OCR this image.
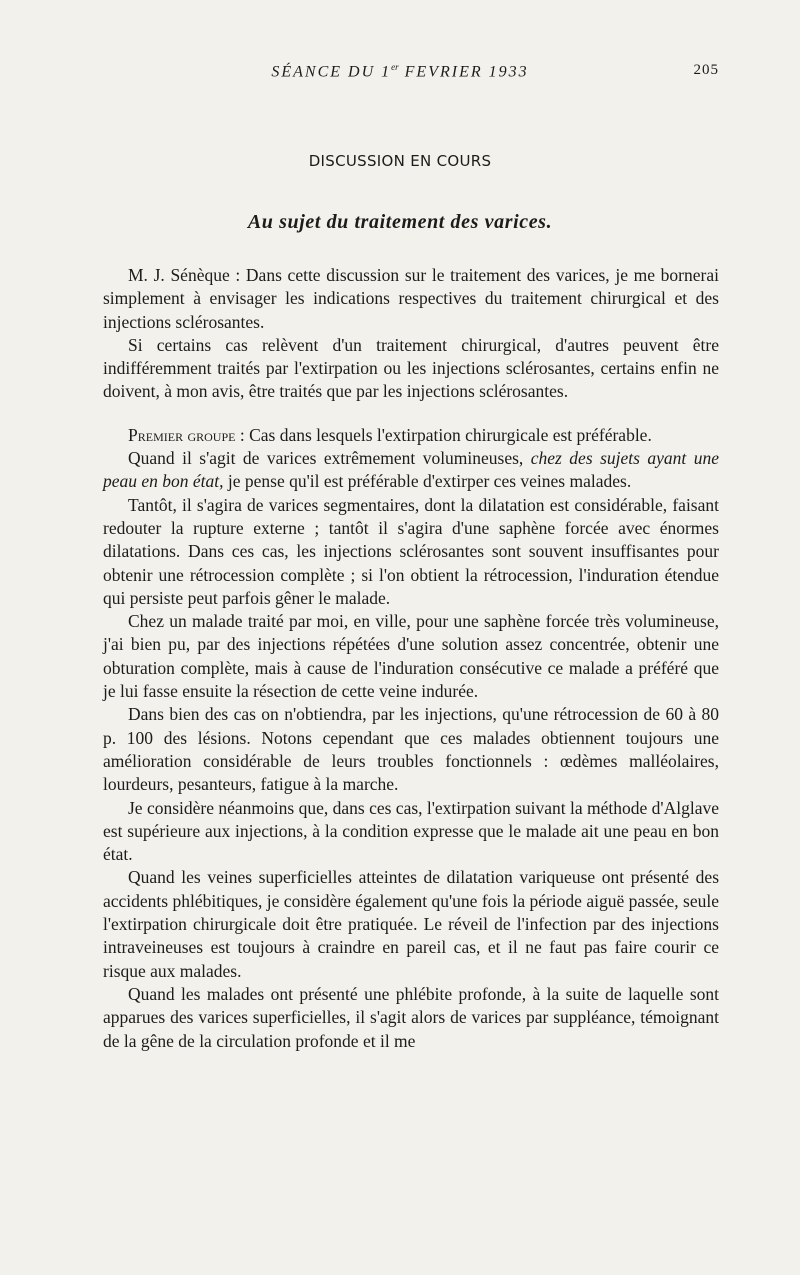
SÉANCE DU 1er FEVRIER 1933	205
DISCUSSION EN COURS
Au sujet du traitement des varices.

M. J. Sénèque : Dans cette discussion sur le traitement des varices, je me bornerai simplement à envisager les indications respectives du traitement chirurgical et des injections sclérosantes.

Si certains cas relèvent d'un traitement chirurgical, d'autres peuvent être indifféremment traités par l'extirpation ou les injections sclérosantes, certains enfin ne doivent, à mon avis, être traités que par les injections sclérosantes.

Premier groupe : Cas dans lesquels l'extirpation chirurgicale est préférable.

Quand il s'agit de varices extrêmement volumineuses, chez des sujets ayant une peau en bon état, je pense qu'il est préférable d'extirper ces veines malades.

Tantôt, il s'agira de varices segmentaires, dont la dilatation est considérable, faisant redouter la rupture externe ; tantôt il s'agira d'une saphène forcée avec énormes dilatations. Dans ces cas, les injections sclérosantes sont souvent insuffisantes pour obtenir une rétrocession complète ; si l'on obtient la rétrocession, l'induration étendue qui persiste peut parfois gêner le malade.

Chez un malade traité par moi, en ville, pour une saphène forcée très volumineuse, j'ai bien pu, par des injections répétées d'une solution assez concentrée, obtenir une obturation complète, mais à cause de l'induration consécutive ce malade a préféré que je lui fasse ensuite la résection de cette veine indurée.

Dans bien des cas on n'obtiendra, par les injections, qu'une rétrocession de 60 à 80 p. 100 des lésions. Notons cependant que ces malades obtiennent toujours une amélioration considérable de leurs troubles fonctionnels : œdèmes malléolaires, lourdeurs, pesanteurs, fatigue à la marche.

Je considère néanmoins que, dans ces cas, l'extirpation suivant la méthode d'Alglave est supérieure aux injections, à la condition expresse que le malade ait une peau en bon état.

Quand les veines superficielles atteintes de dilatation variqueuse ont présenté des accidents phlébitiques, je considère également qu'une fois la période aiguë passée, seule l'extirpation chirurgicale doit être pratiquée. Le réveil de l'infection par des injections intraveineuses est toujours à craindre en pareil cas, et il ne faut pas faire courir ce risque aux malades.

Quand les malades ont présenté une phlébite profonde, à la suite de laquelle sont apparues des varices superficielles, il s'agit alors de varices par suppléance, témoignant de la gêne de la circulation profonde et il me
